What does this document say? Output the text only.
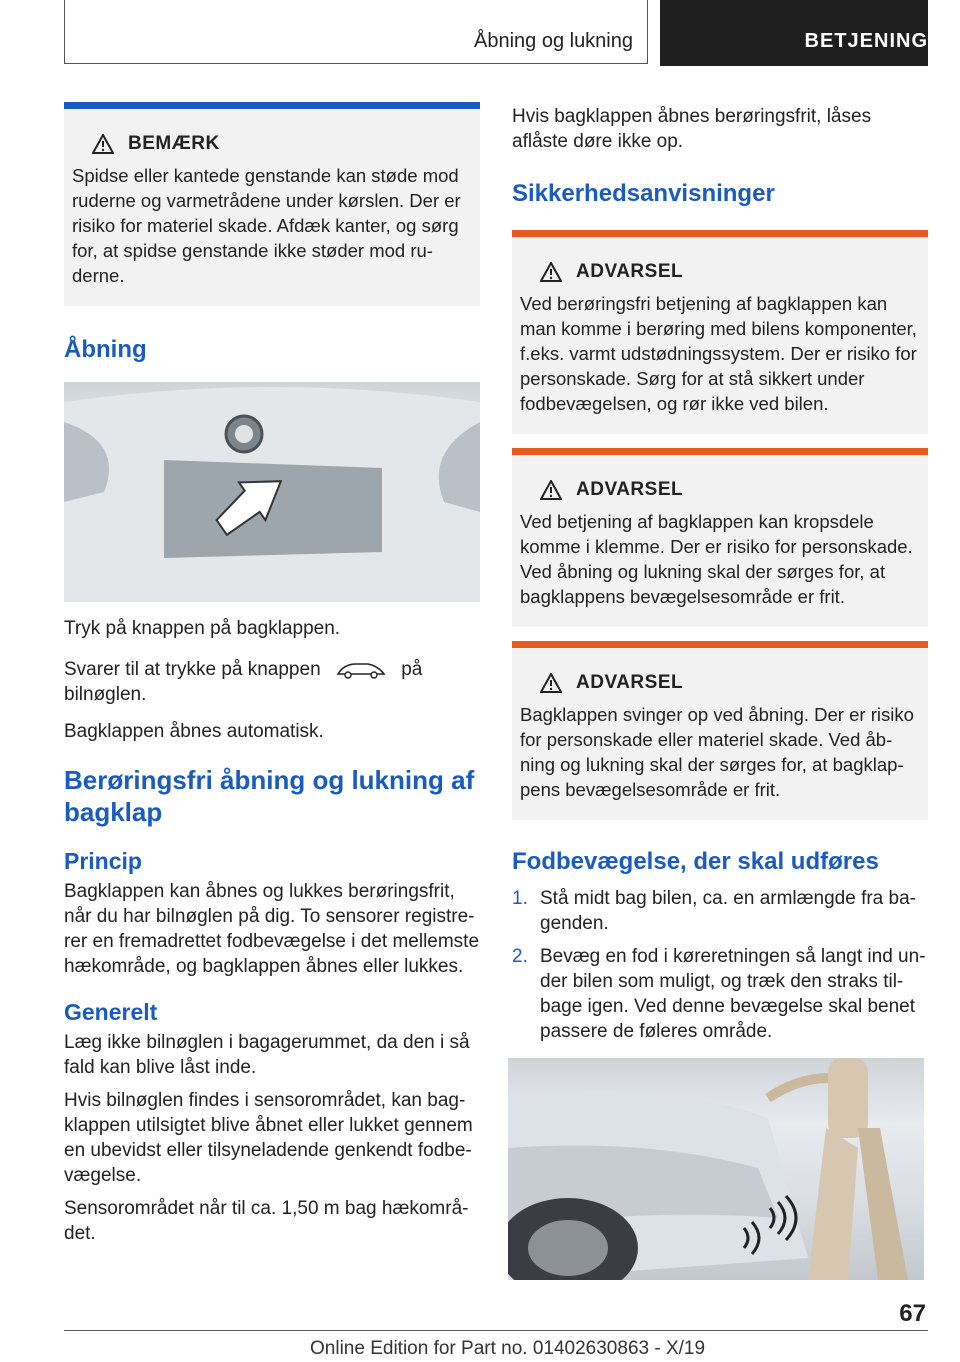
Åbning og lukning	BETJENING
BEMÆRK

Spidse eller kantede genstande kan støde mod ruderne og varmetrådene under kørslen. Der er risiko for materiel skade. Afdæk kanter, og sørg for, at spidse genstande ikke støder mod ruderne.

Åbning

Tryk på knappen på bagklappen.

Svarer til at trykke på knappen	på bilnøglen.

Bagklappen åbnes automatisk.

Berøringsfri åbning og lukning af bagklap
Princip

Bagklappen kan åbnes og lukkes berøringsfrit, når du har bilnøglen på dig. To sensorer registrerer en fremadrettet fodbevægelse i det mellemste hækområde, og bagklappen åbnes eller lukkes.

Generelt

Læg ikke bilnøglen i bagagerummet, da den i så fald kan blive låst inde.

Hvis bilnøglen findes i sensorområdet, kan bagklappen utilsigtet blive åbnet eller lukket gennem en ubevidst eller tilsyneladende genkendt fodbevægelse.

Sensorområdet når til ca. 1,50 m bag hækområdet.

Hvis bagklappen åbnes berøringsfrit, låses aflåste døre ikke op.

Sikkerhedsanvisninger
ADVARSEL

Ved berøringsfri betjening af bagklappen kan man komme i berøring med bilens komponenter, f.eks. varmt udstødningssystem. Der er risiko for personskade. Sørg for at stå sikkert under fodbevægelsen, og rør ikke ved bilen.

ADVARSEL

Ved betjening af bagklappen kan kropsdele komme i klemme. Der er risiko for personskade. Ved åbning og lukning skal der sørges for, at bagklappens bevægelsesområde er frit.

ADVARSEL

Bagklappen svinger op ved åbning. Der er risiko for personskade eller materiel skade. Ved åbning og lukning skal der sørges for, at bagklappens bevægelsesområde er frit.

Fodbevægelse, der skal udføres
1. Stå midt bag bilen, ca. en armlængde fra bagenden.
2. Bevæg en fod i køreretningen så langt ind under bilen som muligt, og træk den straks tilbage igen. Ved denne bevægelse skal benet passere de føleres område.
67
Online Edition for Part no. 01402630863 - X/19
